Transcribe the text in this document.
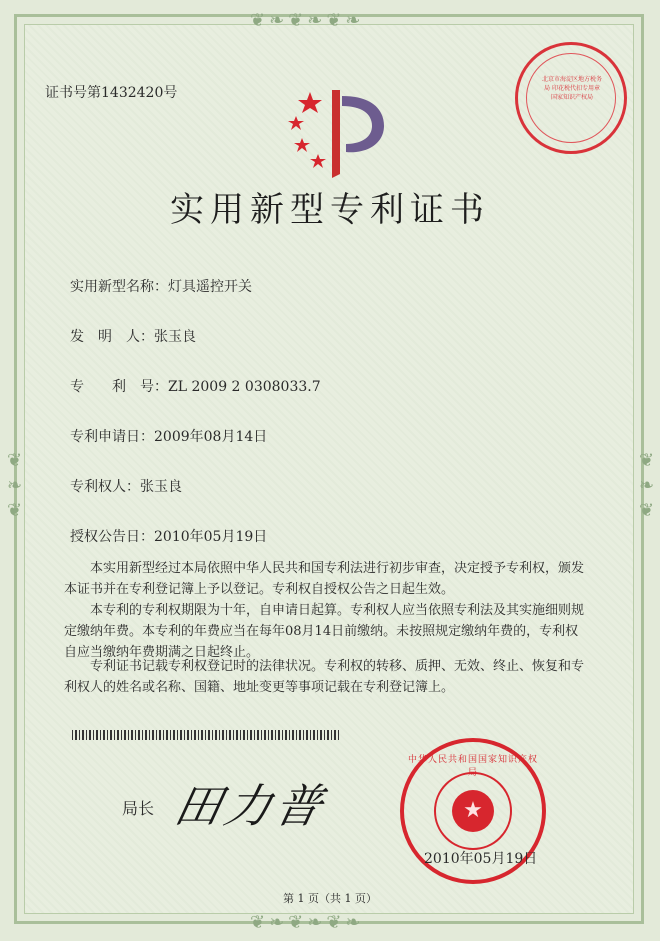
❦❧❦❧❦❧
❦❧❦❧❦❧
❦❧❦	❦❧❦
证书号第1432420号
实用新型专利证书
实用新型名称：灯具遥控开关
发　明　人：张玉良
专　　利　号：ZL 2009 2 0308033.7
专利申请日：2009年08月14日
专利权人：张玉良
授权公告日：2010年05月19日
本实用新型经过本局依照中华人民共和国专利法进行初步审查，决定授予专利权，颁发本证书并在专利登记簿上予以登记。专利权自授权公告之日起生效。
本专利的专利权期限为十年，自申请日起算。专利权人应当依照专利法及其实施细则规定缴纳年费。本专利的年费应当在每年08月14日前缴纳。未按照规定缴纳年费的，专利权自应当缴纳年费期满之日起终止。
专利证书记载专利权登记时的法律状况。专利权的转移、质押、无效、终止、恢复和专利权人的姓名或名称、国籍、地址变更等事项记载在专利登记簿上。
局长 田力普
北京市海淀区地方税务局 印花税代扣专用章 国家知识产权局
中华人民共和国国家知识产权局
★
2010年05月19日
第 1 页（共 1 页）
